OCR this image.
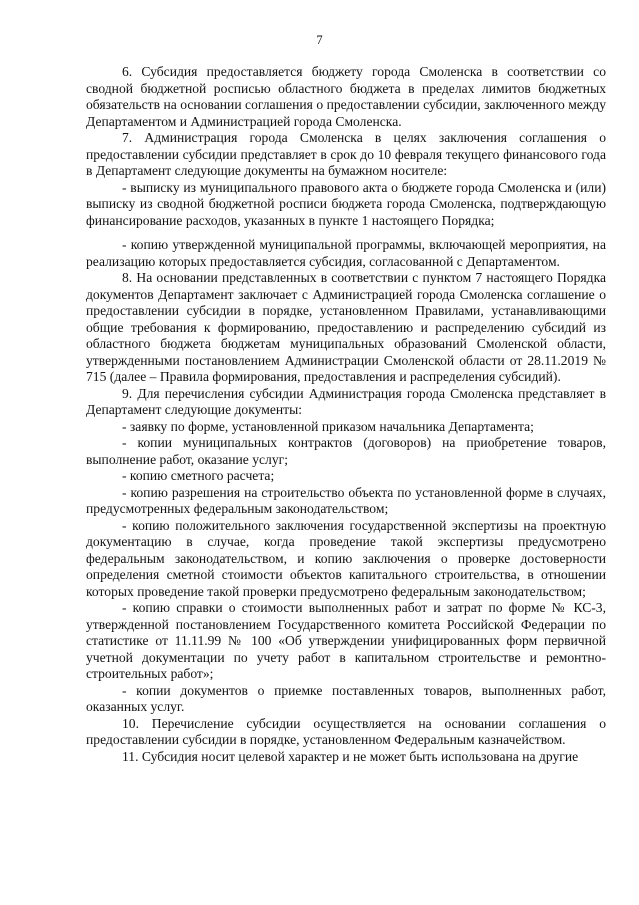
7

6. Субсидия предоставляется бюджету города Смоленска в соответствии со сводной бюджетной росписью областного бюджета в пределах лимитов бюджетных обязательств на основании соглашения о предоставлении субсидии, заключенного между Департаментом и Администрацией города Смоленска.

7. Администрация города Смоленска в целях заключения соглашения о предоставлении субсидии представляет в срок до 10 февраля текущего финансового года в Департамент следующие документы на бумажном носителе:

- выписку из муниципального правового акта о бюджете города Смоленска и (или) выписку из сводной бюджетной росписи бюджета города Смоленска, подтверждающую финансирование расходов, указанных в пункте 1 настоящего Порядка;

- копию утвержденной муниципальной программы, включающей мероприятия, на реализацию которых предоставляется субсидия, согласованной с Департаментом.

8. На основании представленных в соответствии с пунктом 7 настоящего Порядка документов Департамент заключает с Администрацией города Смоленска соглашение о предоставлении субсидии в порядке, установленном Правилами, устанавливающими общие требования к формированию, предоставлению и распределению субсидий из областного бюджета бюджетам муниципальных образований Смоленской области, утвержденными постановлением Администрации Смоленской области от 28.11.2019 № 715 (далее – Правила формирования, предоставления и распределения субсидий).

9. Для перечисления субсидии Администрация города Смоленска представляет в Департамент следующие документы:

- заявку по форме, установленной приказом начальника Департамента;

- копии муниципальных контрактов (договоров) на приобретение товаров, выполнение работ, оказание услуг;

- копию сметного расчета;

- копию разрешения на строительство объекта по установленной форме в случаях, предусмотренных федеральным законодательством;

- копию положительного заключения государственной экспертизы на проектную документацию в случае, когда проведение такой экспертизы предусмотрено федеральным законодательством, и копию заключения о проверке достоверности определения сметной стоимости объектов капитального строительства, в отношении которых проведение такой проверки предусмотрено федеральным законодательством;

- копию справки о стоимости выполненных работ и затрат по форме № КС-3, утвержденной постановлением Государственного комитета Российской Федерации по статистике от 11.11.99 № 100 «Об утверждении унифицированных форм первичной учетной документации по учету работ в капитальном строительстве и ремонтно-строительных работ»;

- копии документов о приемке поставленных товаров, выполненных работ, оказанных услуг.

10. Перечисление субсидии осуществляется на основании соглашения о предоставлении субсидии в порядке, установленном Федеральным казначейством.

11. Субсидия носит целевой характер и не может быть использована на другие
